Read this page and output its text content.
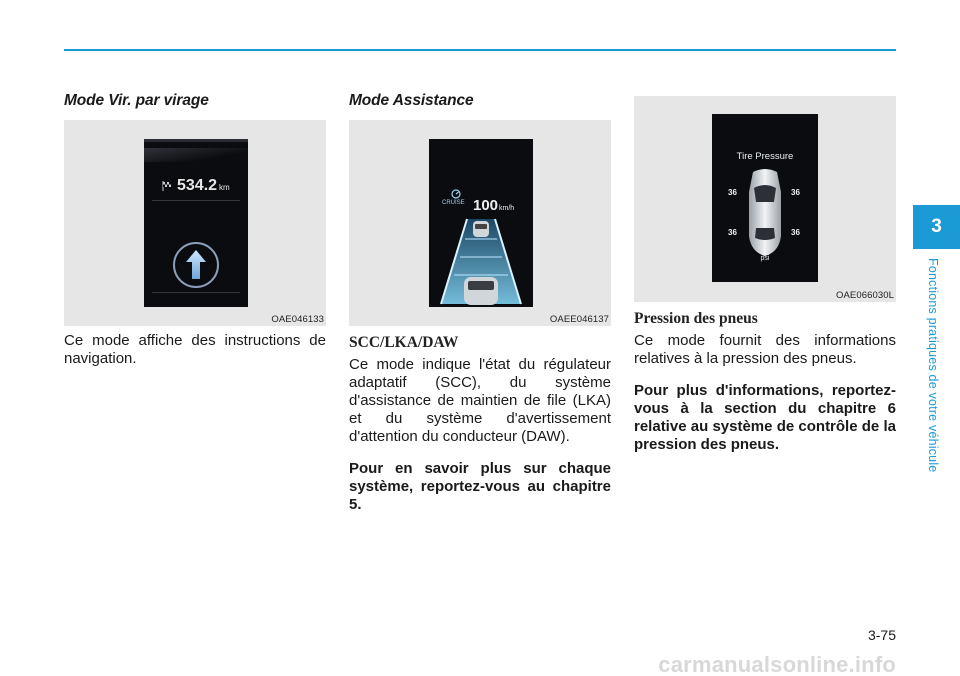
Mode Vir. par virage
534.2 km
OAE046133
Ce mode affiche des instructions de navigation.
Mode Assistance
CRUISE 100km/h
OAEE046137
SCC/LKA/DAW
Ce mode indique l'état du régulateur adaptatif (SCC), du système d'assistance de maintien de file (LKA) et du système d'avertissement d'attention du conducteur (DAW).
Pour en savoir plus sur chaque système, reportez-vous au chapitre 5.
Tire Pressure
36	36
36	36
psi
OAE066030L
Pression des pneus
Ce mode fournit des informations relatives à la pression des pneus.
Pour plus d'informations, reportez-vous à la section du chapitre 6 relative au système de contrôle de la pression des pneus.
3
Fonctions pratiques de votre véhicule
3-75
carmanualsonline.info
